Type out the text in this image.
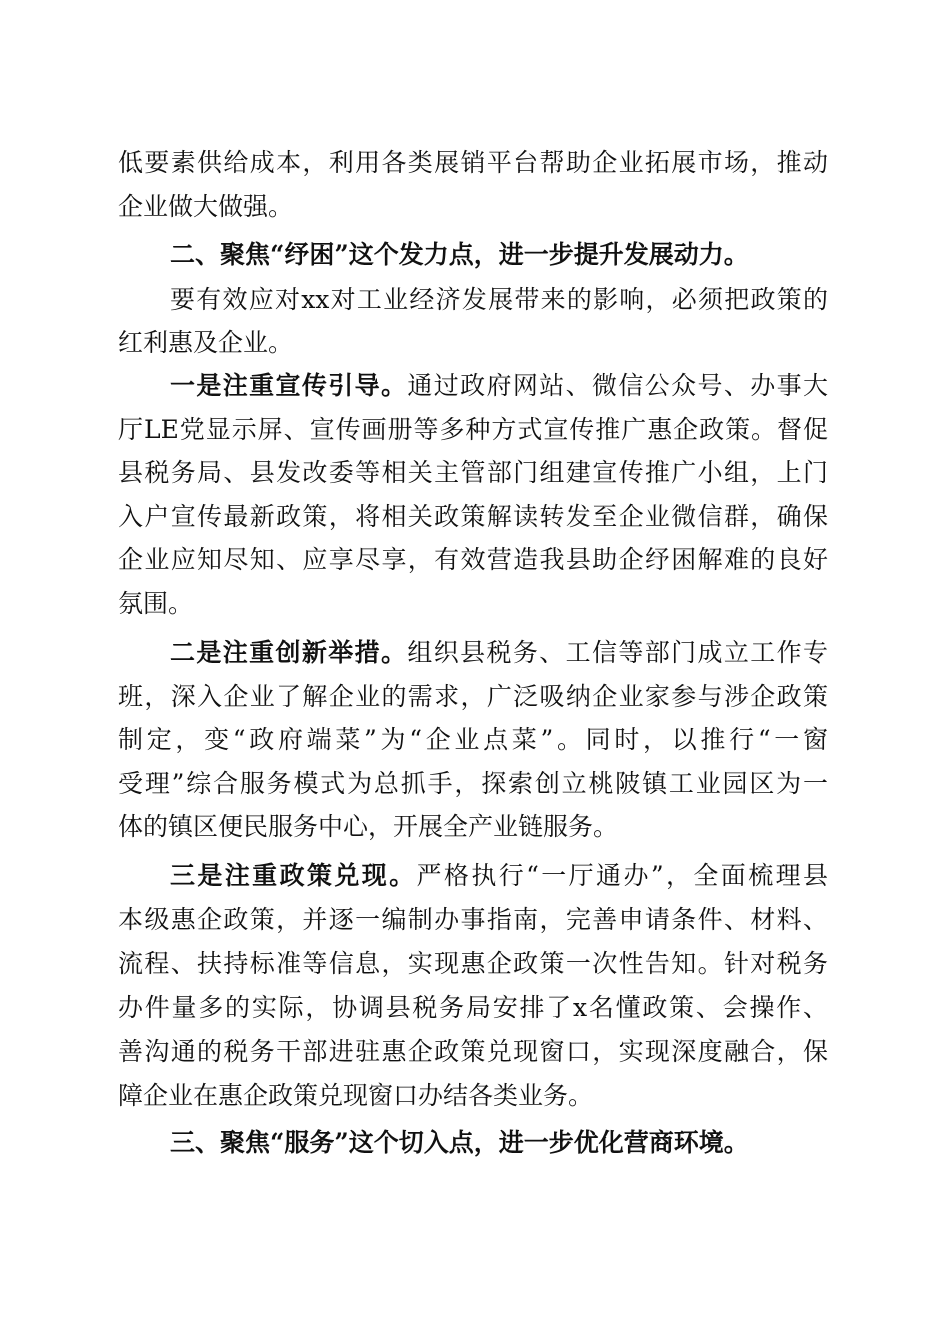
低要素供给成本，利用各类展销平台帮助企业拓展市场，推动
企业做大做强。
二、聚焦“纾困”这个发力点，进一步提升发展动力。
要有效应对xx对工业经济发展带来的影响，必须把政策的
红利惠及企业。
一是注重宣传引导。通过政府网站、微信公众号、办事大
厅LE党显示屏、宣传画册等多种方式宣传推广惠企政策。督促
县税务局、县发改委等相关主管部门组建宣传推广小组，上门
入户宣传最新政策，将相关政策解读转发至企业微信群，确保
企业应知尽知、应享尽享，有效营造我县助企纾困解难的良好
氛围。
二是注重创新举措。组织县税务、工信等部门成立工作专
班，深入企业了解企业的需求，广泛吸纳企业家参与涉企政策
制定，变“政府端菜”为“企业点菜”。同时，以推行“一窗
受理”综合服务模式为总抓手，探索创立桃陂镇工业园区为一
体的镇区便民服务中心，开展全产业链服务。
三是注重政策兑现。严格执行“一厅通办”，全面梳理县
本级惠企政策，并逐一编制办事指南，完善申请条件、材料、
流程、扶持标准等信息，实现惠企政策一次性告知。针对税务
办件量多的实际，协调县税务局安排了x名懂政策、会操作、
善沟通的税务干部进驻惠企政策兑现窗口，实现深度融合，保
障企业在惠企政策兑现窗口办结各类业务。
三、聚焦“服务”这个切入点，进一步优化营商环境。
